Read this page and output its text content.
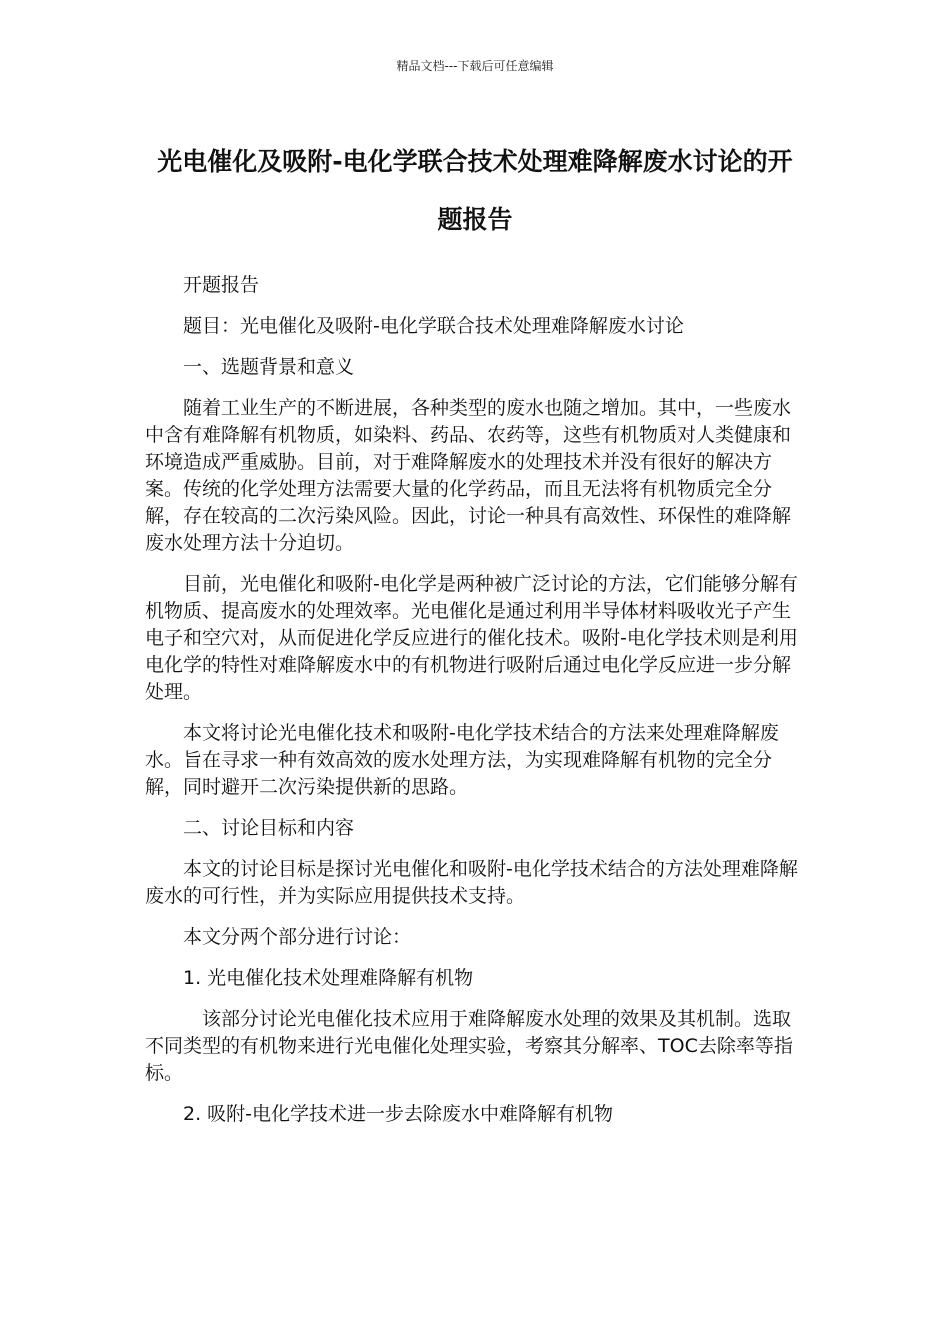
精品文档---下载后可任意编辑
光电催化及吸附-电化学联合技术处理难降解废水讨论的开题报告

开题报告

题目：光电催化及吸附-电化学联合技术处理难降解废水讨论

一、选题背景和意义

随着工业生产的不断进展，各种类型的废水也随之增加。其中，一些废水中含有难降解有机物质，如染料、药品、农药等，这些有机物质对人类健康和环境造成严重威胁。目前，对于难降解废水的处理技术并没有很好的解决方案。传统的化学处理方法需要大量的化学药品，而且无法将有机物质完全分解，存在较高的二次污染风险。因此，讨论一种具有高效性、环保性的难降解废水处理方法十分迫切。

目前，光电催化和吸附-电化学是两种被广泛讨论的方法，它们能够分解有机物质、提高废水的处理效率。光电催化是通过利用半导体材料吸收光子产生电子和空穴对，从而促进化学反应进行的催化技术。吸附-电化学技术则是利用电化学的特性对难降解废水中的有机物进行吸附后通过电化学反应进一步分解处理。

本文将讨论光电催化技术和吸附-电化学技术结合的方法来处理难降解废水。旨在寻求一种有效高效的废水处理方法，为实现难降解有机物的完全分解，同时避开二次污染提供新的思路。

二、讨论目标和内容

本文的讨论目标是探讨光电催化和吸附-电化学技术结合的方法处理难降解废水的可行性，并为实际应用提供技术支持。

本文分两个部分进行讨论：

1. 光电催化技术处理难降解有机物

该部分讨论光电催化技术应用于难降解废水处理的效果及其机制。选取不同类型的有机物来进行光电催化处理实验，考察其分解率、TOC去除率等指标。

2. 吸附-电化学技术进一步去除废水中难降解有机物
